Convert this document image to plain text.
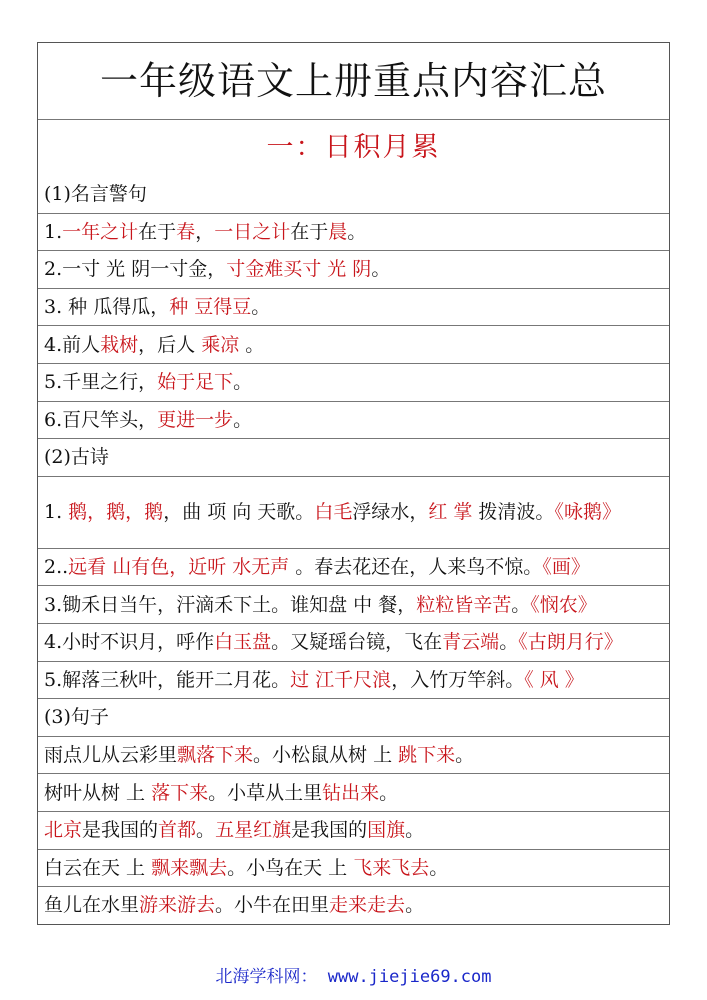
一年级语文上册重点内容汇总
一：日积月累
(1)名言警句
1.一年之计在于春，一日之计在于晨。
2.一寸 光 阴一寸金，寸金难买寸 光 阴。
3. 种 瓜得瓜，种 豆得豆。
4.前人栽树，后人 乘凉 。
5.千里之行，始于足下。
6.百尺竿头，更进一步。
(2)古诗
1. 鹅，鹅，鹅，曲 项 向 天歌。白毛浮绿水，红 掌 拨清波。《咏鹅》
2..远看 山有色，近听 水无声 。春去花还在，人来鸟不惊。《画》
3.锄禾日当午，汗滴禾下土。谁知盘 中 餐，粒粒皆辛苦。《悯农》
4.小时不识月，呼作白玉盘。又疑瑶台镜，飞在青云端。《古朗月行》
5.解落三秋叶，能开二月花。过 江千尺浪，入竹万竿斜。《 风 》
(3)句子
雨点儿从云彩里飘落下来。小松鼠从树 上 跳下来。
树叶从树 上 落下来。小草从土里钻出来。
北京是我国的首都。五星红旗是我国的国旗。
白云在天 上 飘来飘去。小鸟在天 上 飞来飞去。
鱼儿在水里游来游去。小牛在田里走来走去。
北海学科网： www.jiejie69.com
